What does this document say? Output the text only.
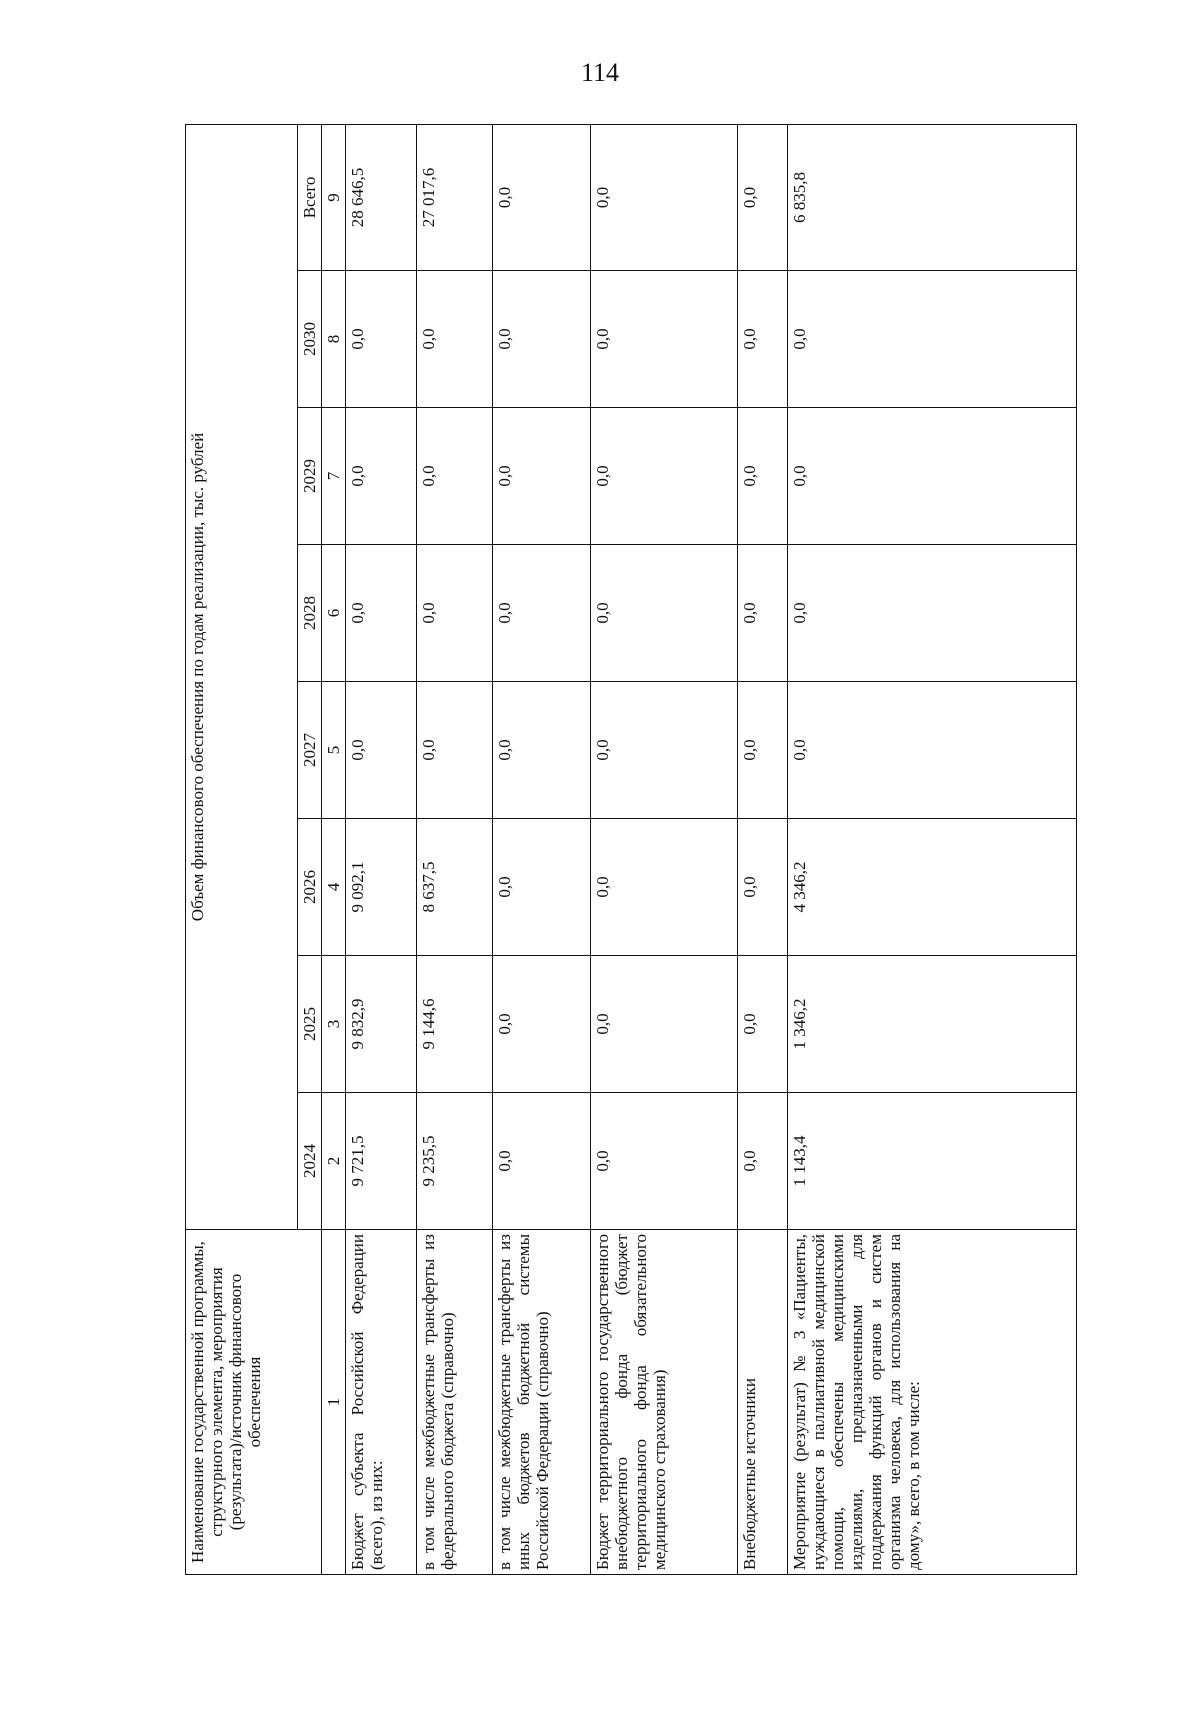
114
Наименование государственной программы, структурного элемента, мероприятия (результата)/источник финансового обеспечения	Объем финансового обеспечения по годам реализации, тыс. рублей							
	2024	2025	2026	2027	2028	2029	2030	Всего
1	2	3	4	5	6	7	8	9
Бюджет субъекта Российской Федерации (всего), из них:	9 721,5	9 832,9	9 092,1	0,0	0,0	0,0	0,0	28 646,5
в том числе межбюджетные трансферты из федерального бюджета (справочно)	9 235,5	9 144,6	8 637,5	0,0	0,0	0,0	0,0	27 017,6
в том числе межбюджетные трансферты из иных бюджетов бюджетной системы Российской Федерации (справочно)	0,0	0,0	0,0	0,0	0,0	0,0	0,0	0,0
Бюджет территориального государственного внебюджетного фонда (бюджет территориального фонда обязательного медицинского страхования)	0,0	0,0	0,0	0,0	0,0	0,0	0,0	0,0
Внебюджетные источники	0,0	0,0	0,0	0,0	0,0	0,0	0,0	0,0
Мероприятие (результат) № 3 «Пациенты, нуждающиеся в паллиативной медицинской помощи, обеспечены медицинскими изделиями, предназначенными для поддержания функций органов и систем организма человека, для использования на дому», всего, в том числе:	1 143,4	1 346,2	4 346,2	0,0	0,0	0,0	0,0	6 835,8
